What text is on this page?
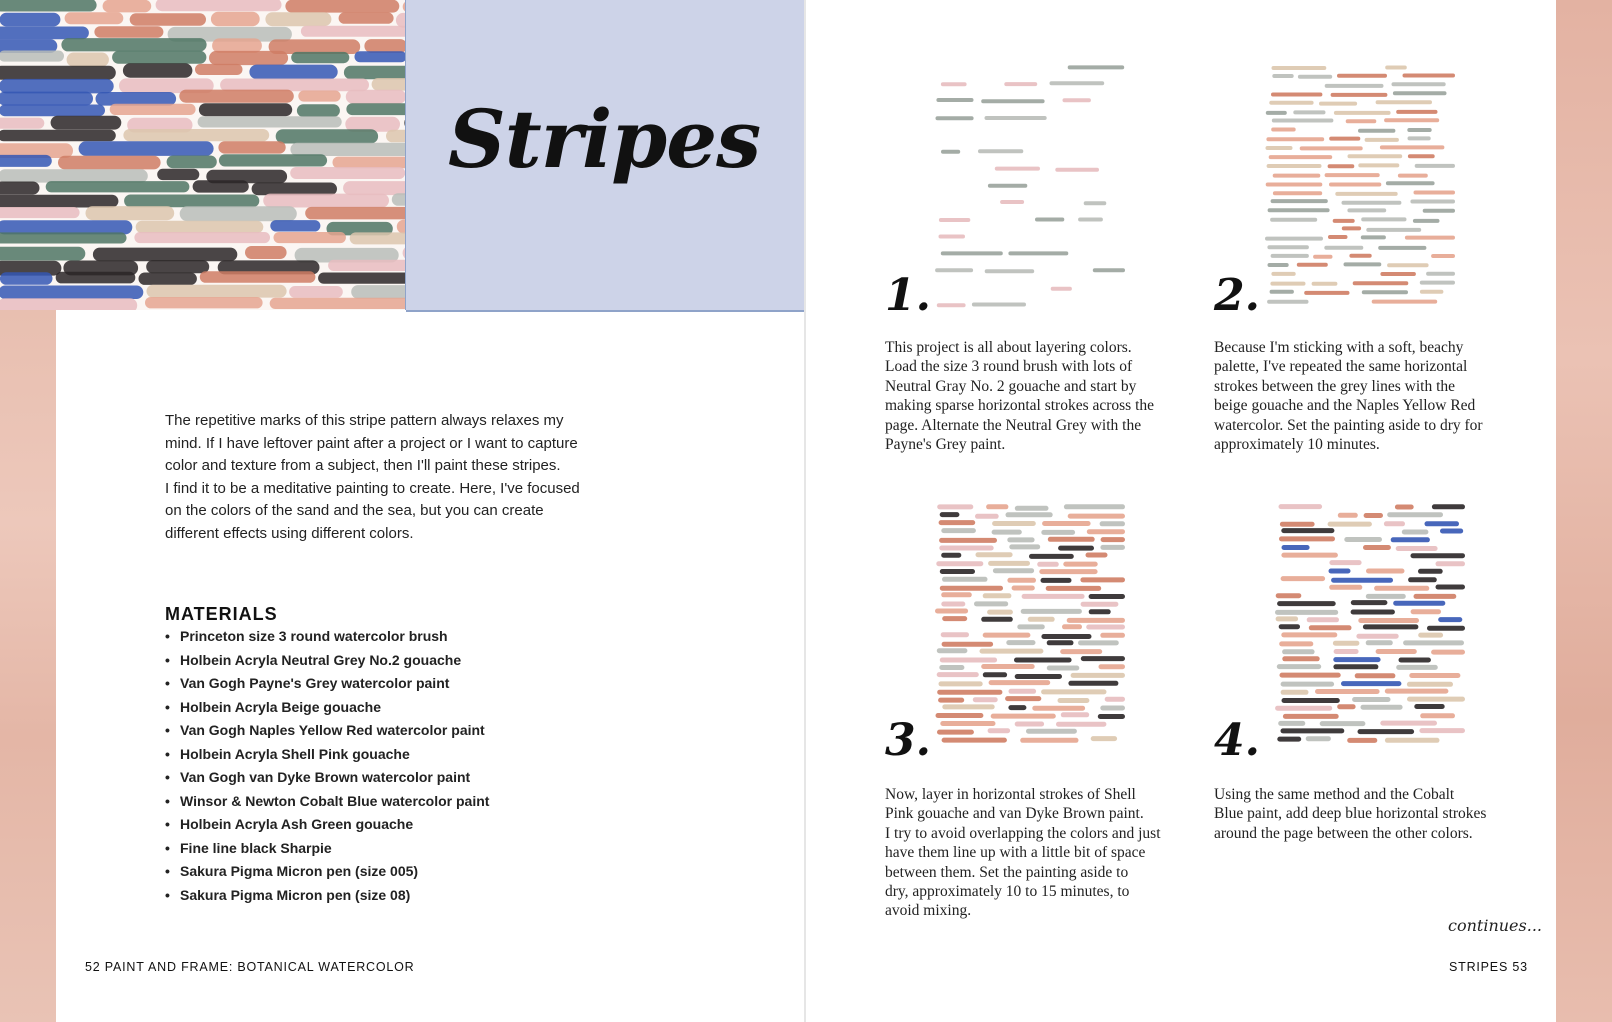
Stripes
The repetitive marks of this stripe pattern always relaxes my
mind. If I have leftover paint after a project or I want to capture
color and texture from a subject, then I'll paint these stripes.
I find it to be a meditative painting to create. Here, I've focused
on the colors of the sand and the sea, but you can create
different effects using different colors.
MATERIALS
• Princeton size 3 round watercolor brush
• Holbein Acryla Neutral Grey No.2 gouache
• Van Gogh Payne's Grey watercolor paint
• Holbein Acryla Beige gouache
• Van Gogh Naples Yellow Red watercolor paint
• Holbein Acryla Shell Pink gouache
• Van Gogh van Dyke Brown watercolor paint
• Winsor & Newton Cobalt Blue watercolor paint
• Holbein Acryla Ash Green gouache
• Fine line black Sharpie
• Sakura Pigma Micron pen (size 005)
• Sakura Pigma Micron pen (size 08)
52 PAINT AND FRAME: BOTANICAL WATERCOLOR
1.
This project is all about layering colors.
Load the size 3 round brush with lots of
Neutral Gray No. 2 gouache and start by
making sparse horizontal strokes across the
page. Alternate the Neutral Grey with the
Payne's Grey paint.
2.
Because I'm sticking with a soft, beachy
palette, I've repeated the same horizontal
strokes between the grey lines with the
beige gouache and the Naples Yellow Red
watercolor. Set the painting aside to dry for
approximately 10 minutes.
3.
Now, layer in horizontal strokes of Shell
Pink gouache and van Dyke Brown paint.
I try to avoid overlapping the colors and just
have them line up with a little bit of space
between them. Set the painting aside to
dry, approximately 10 to 15 minutes, to
avoid mixing.
4.
Using the same method and the Cobalt
Blue paint, add deep blue horizontal strokes
around the page between the other colors.
continues...
STRIPES 53
